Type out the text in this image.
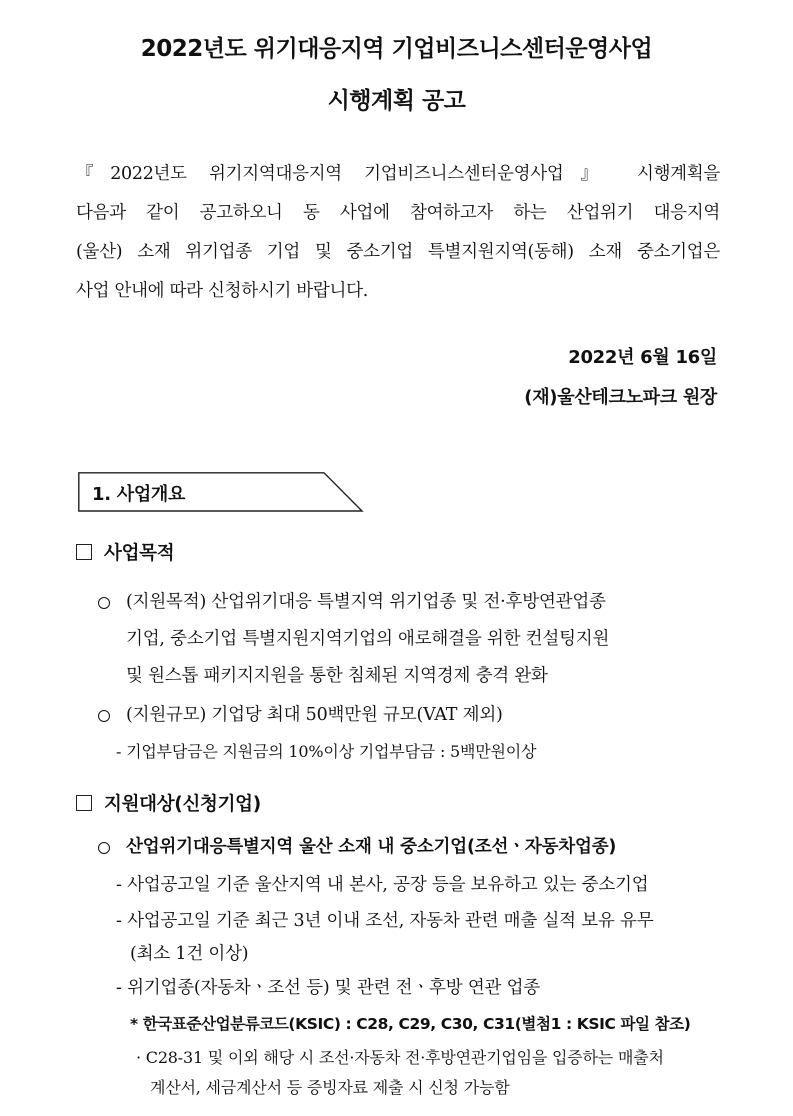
2022년도 위기대응지역 기업비즈니스센터운영사업
시행계획 공고
『2022년도 위기지역대응지역 기업비즈니스센터운영사업』 시행계획을
다음과 같이 공고하오니 동 사업에 참여하고자 하는 산업위기 대응지역
(울산) 소재 위기업종 기업 및 중소기업 특별지원지역(동해) 소재 중소기업은
사업 안내에 따라 신청하시기 바랍니다.
2022년 6월 16일
(재)울산테크노파크 원장
1. 사업개요
사업목적
(지원목적) 산업위기대응 특별지역 위기업종 및 전·후방연관업종
기업, 중소기업 특별지원지역기업의 애로해결을 위한 컨설팅지원
및 원스톱 패키지지원을 통한 침체된 지역경제 충격 완화
(지원규모) 기업당 최대 50백만원 규모(VAT 제외)
- 기업부담금은 지원금의 10%이상 기업부담금 : 5백만원이상
지원대상(신청기업)
산업위기대응특별지역 울산 소재 내 중소기업(조선ㆍ자동차업종)
- 사업공고일 기준 울산지역 내 본사, 공장 등을 보유하고 있는 중소기업
- 사업공고일 기준 최근 3년 이내 조선, 자동차 관련 매출 실적 보유 유무
(최소 1건 이상)
- 위기업종(자동차ㆍ조선 등) 및 관련 전ㆍ후방 연관 업종
* 한국표준산업분류코드(KSIC) : C28, C29, C30, C31(별첨1 : KSIC 파일 참조)
· C28-31 및 이외 해당 시 조선·자동차 전·후방연관기업임을 입증하는 매출처
계산서, 세금계산서 등 증빙자료 제출 시 신청 가능함
